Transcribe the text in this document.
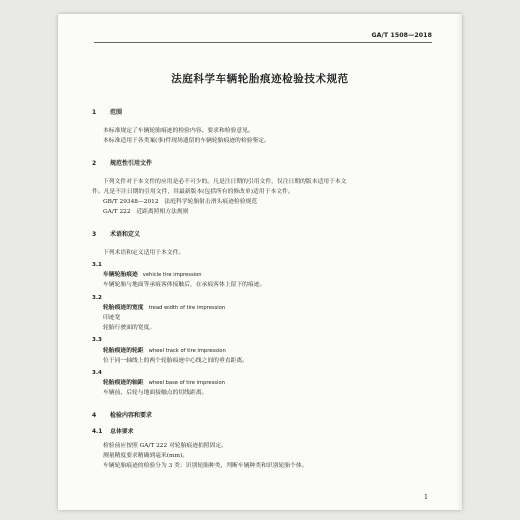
GA/T 1508—2018
法庭科学车辆轮胎痕迹检验技术规范
1	范围
本标准规定了车辆轮胎痕迹的检验内容、要求和检验意见。
本标准适用于各类案(事)件现场遗留的车辆轮胎痕迹的检验鉴定。
2	规范性引用文件
下列文件对于本文件的应用是必不可少的。凡是注日期的引用文件，仅注日期的版本适用于本文
件。凡是不注日期的引用文件，其最新版本(包括所有的修改单)适用于本文件。
GB/T 29348—2012　法庭科学轮胎射击滑头痕迹检验规范
GA/T 222　近距离照相方法规则
3	术语和定义
下列术语和定义适用于本文件。
3.1
车辆轮胎痕迹 vehicle tire impression
车辆轮胎与地面等承痕客体接触后，在承痕客体上留下的痕迹。
3.2
轮胎痕迹的宽度 tread width of tire impression
印迹宽
轮胎行驶面的宽度。
3.3
轮胎痕迹的轮距 wheel track of tire impression
位于同一轴线上的两个轮胎痕迹中心线之间的垂直距离。
3.4
轮胎痕迹的轴距 wheel base of tire impression
车辆前、后轮与地面接触点的切线距离。
4	检验内容和要求
4.1 总体要求
检验前应按照 GA/T 222 对轮胎痕迹拍照固定。
测量精度要求精确到毫米(mm)。
车辆轮胎痕迹的检验分为 3 类：识别轮胎种类，判断车辆种类和识别轮胎个体。
1
